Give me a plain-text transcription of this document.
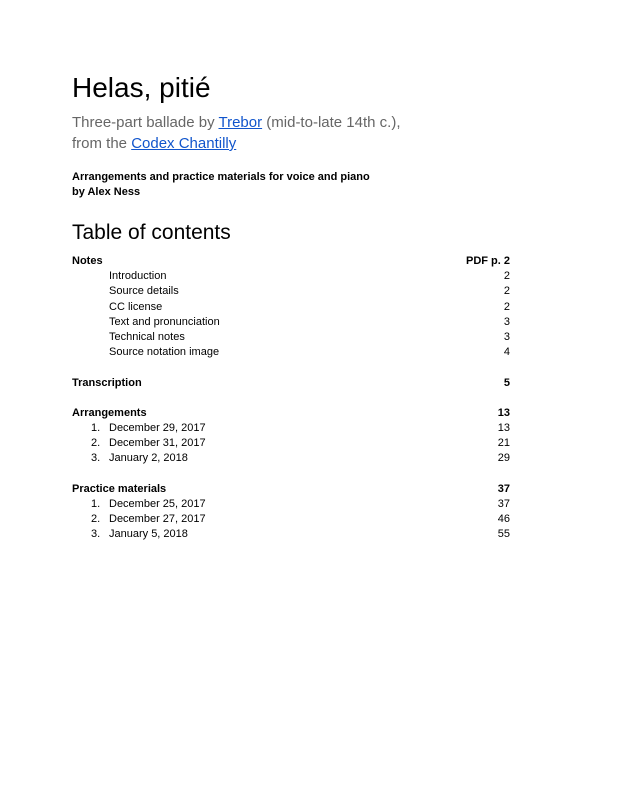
Helas, pitié
Three-part ballade by Trebor (mid-to-late 14th c.),
from the Codex Chantilly
Arrangements and practice materials for voice and piano
by Alex Ness
Table of contents
Notes	PDF p. 2
Introduction	2
Source details	2
CC license	2
Text and pronunciation	3
Technical notes	3
Source notation image	4
Transcription	5
Arrangements	13
1. December 29, 2017	13
2. December 31, 2017	21
3. January 2, 2018	29
Practice materials	37
1. December 25, 2017	37
2. December 27, 2017	46
3. January 5, 2018	55
